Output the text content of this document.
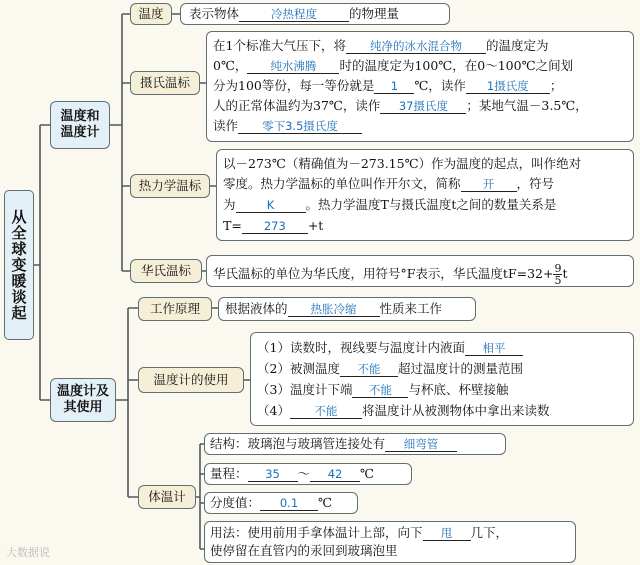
从全球变暖谈起
温度和温度计
温度 表示物体	冷热程度	的物理量
摄氏温标
在1个标准大气压下，将 纯净的冰水混合物 的温度定为
0℃， 纯水沸腾 时的温度定为100℃，在0～100℃之间划
分为100等份，每一等份就是 1 ℃，读作 1摄氏度 ；
人的正常体温约为37℃，读作 37摄氏度 ；某地气温－3.5℃，
读作 零下3.5摄氏度
热力学温标
以－273℃（精确值为－273.15℃）作为温度的起点，叫作绝对
零度。热力学温标的单位叫作开尔文，简称 开 ，符号
为	K 。热力学温度T与摄氏温度t之间的数量关系是
T= 273 +t
华氏温标 华氏温标的单位为华氏度，用符号°F表示，华氏温度$tF=32+ \frac{9}{5}$ t
温度计及其使用
工作原理 根据液体的 热胀冷缩 性质来工作
温度计的使用
（1）读数时，视线要与温度计内液面 相平
（2）被测温度 不能 超过温度计的测量范围
（3）温度计下端 不能 与杯底、杯壁接触
（4） 不能 将温度计从被测物体中拿出来读数
体温计
结构：玻璃泡与玻璃管连接处有 细弯管
量程： 35 ～ 42 ℃
分度值： 0.1 ℃
用法：使用前用手拿体温计上部，向下 甩 几下，
使停留在直管内的汞回到玻璃泡里
大数据说
